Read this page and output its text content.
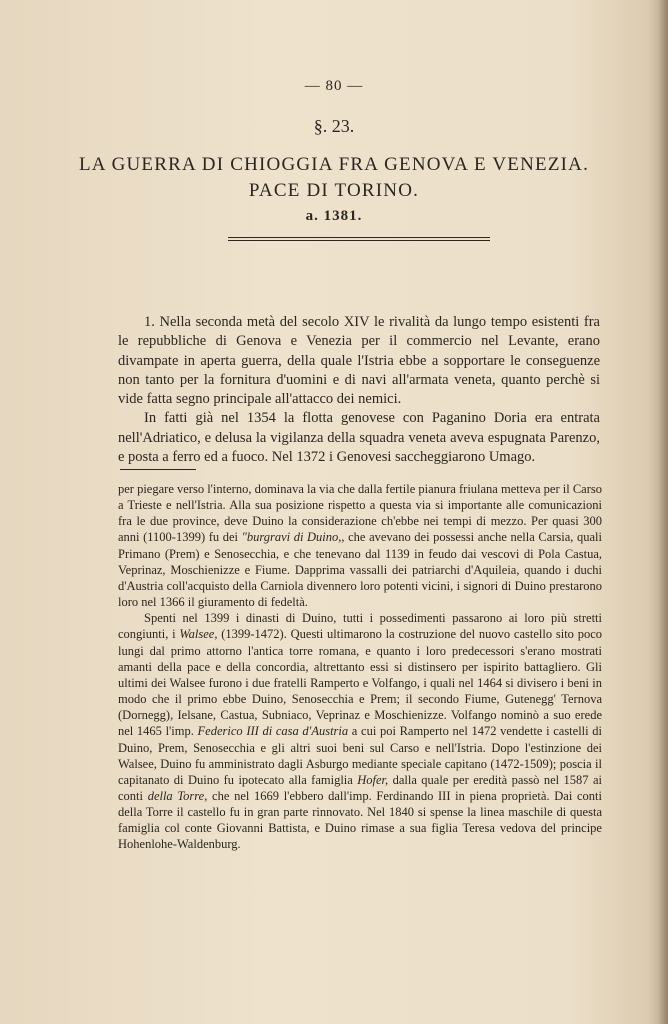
— 80 —
§. 23.
LA GUERRA DI CHIOGGIA FRA GENOVA E VENEZIA.
PACE DI TORINO.
a. 1381.

1. Nella seconda metà del secolo XIV le rivalità da lungo tempo esistenti fra le repubbliche di Genova e Venezia per il commercio nel Levante, erano divampate in aperta guerra, della quale l'Istria ebbe a sopportare le conseguenze non tanto per la fornitura d'uomini e di navi all'armata veneta, quanto perchè si vide fatta segno principale all'attacco dei nemici.

In fatti già nel 1354 la flotta genovese con Paganino Doria era entrata nell'Adriatico, e delusa la vigilanza della squadra veneta aveva espugnata Parenzo, e posta a ferro ed a fuoco. Nel 1372 i Genovesi saccheggiarono Umago.

per piegare verso l'interno, dominava la via che dalla fertile pianura friulana metteva per il Carso a Trieste e nell'Istria. Alla sua posizione rispetto a questa via si importante alle comunicazioni fra le due province, deve Duino la considerazione ch'ebbe nei tempi di mezzo. Per quasi 300 anni (1100-1399) fu dei "burgravi di Duino,, che avevano dei possessi anche nella Carsia, quali Primano (Prem) e Senosecchia, e che tenevano dal 1139 in feudo dai vescovi di Pola Castua, Veprinaz, Moschienizze e Fiume. Dapprima vassalli dei patriarchi d'Aquileia, quando i duchi d'Austria coll'acquisto della Carniola divennero loro potenti vicini, i signori di Duino prestarono loro nel 1366 il giuramento di fedeltà.

Spenti nel 1399 i dinasti di Duino, tutti i possedimenti passarono ai loro più stretti congiunti, i Walsee, (1399-1472). Questi ultimarono la costruzione del nuovo castello sito poco lungi dal primo attorno l'antica torre romana, e quanto i loro predecessori s'erano mostrati amanti della pace e della concordia, altrettanto essi si distinsero per ispirito battagliero. Gli ultimi dei Walsee furono i due fratelli Ramperto e Volfango, i quali nel 1464 si divisero i beni in modo che il primo ebbe Duino, Senosecchia e Prem; il secondo Fiume, Gutenegg' Ternova (Dornegg), Ielsane, Castua, Subniaco, Veprinaz e Moschienizze. Volfango nominò a suo erede nel 1465 l'imp. Federico III di casa d'Austria a cui poi Ramperto nel 1472 vendette i castelli di Duino, Prem, Senosecchia e gli altri suoi beni sul Carso e nell'Istria. Dopo l'estinzione dei Walsee, Duino fu amministrato dagli Asburgo mediante speciale capitano (1472-1509); poscia il capitanato di Duino fu ipotecato alla famiglia Hofer, dalla quale per eredità passò nel 1587 ai conti della Torre, che nel 1669 l'ebbero dall'imp. Ferdinando III in piena proprietà. Dai conti della Torre il castello fu in gran parte rinnovato. Nel 1840 si spense la linea maschile di questa famiglia col conte Giovanni Battista, e Duino rimase a sua figlia Teresa vedova del principe Hohenlohe-Waldenburg.
